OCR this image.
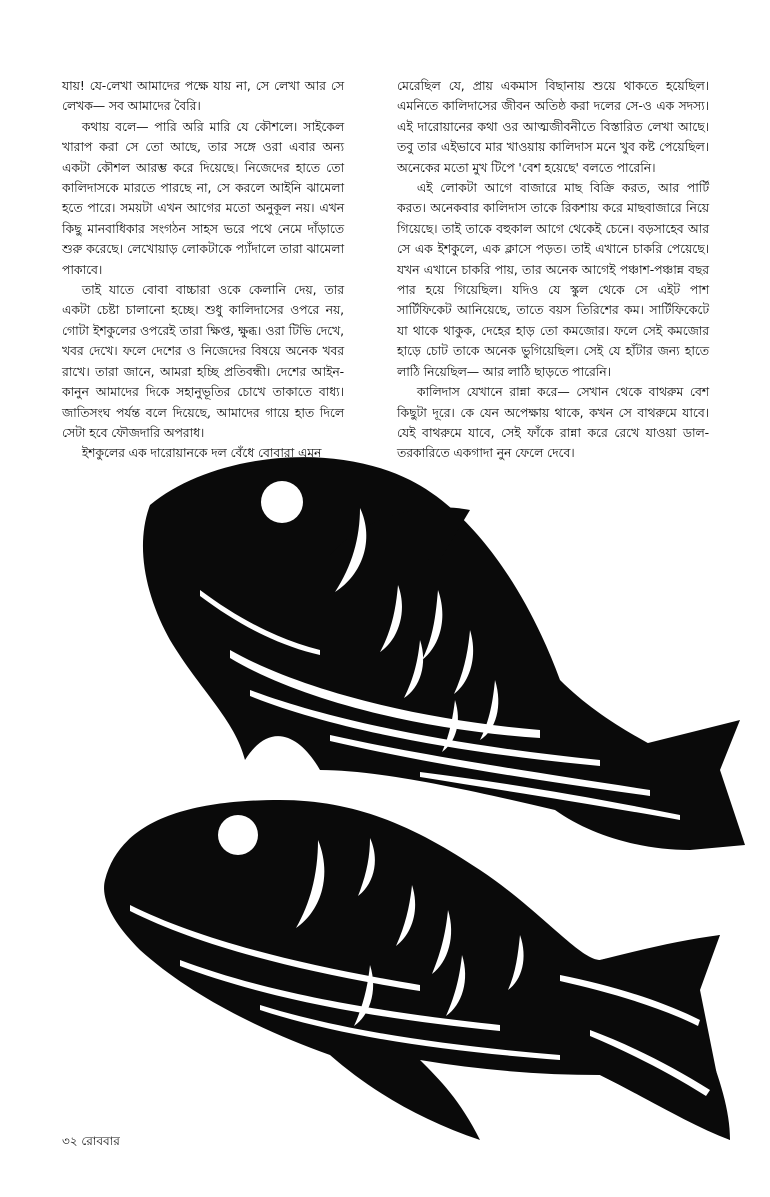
যায়! যে-লেখা আমাদের পক্ষে যায় না, সে লেখা আর সে লেখক— সব আমাদের বৈরি।

কথায় বলে— পারি অরি মারি যে কৌশলে। সাইকেল খারাপ করা সে তো আছে, তার সঙ্গে ওরা এবার অন্য একটা কৌশল আরম্ভ করে দিয়েছে। নিজেদের হাতে তো কালিদাসকে মারতে পারছে না, সে করলে আইনি ঝামেলা হতে পারে। সময়টা এখন আগের মতো অনুকূল নয়। এখন কিছু মানবাধিকার সংগঠন সাহস ভরে পথে নেমে দাঁড়াতে শুরু করেছে। লেখোয়াড় লোকটাকে প্যাঁদালে তারা ঝামেলা পাকাবে।

তাই যাতে বোবা বাচ্চারা ওকে কেলানি দেয়, তার একটা চেষ্টা চালানো হচ্ছে। শুধু কালিদাসের ওপরে নয়, গোটা ইশকুলের ওপরেই তারা ক্ষিপ্ত, ক্ষুব্ধ। ওরা টিভি দেখে, খবর দেখে। ফলে দেশের ও নিজেদের বিষয়ে অনেক খবর রাখে। তারা জানে, আমরা হচ্ছি প্রতিবন্ধী। দেশের আইন-কানুন আমাদের দিকে সহানুভূতির চোখে তাকাতে বাধ্য। জাতিসংঘ পর্যন্ত বলে দিয়েছে, আমাদের গায়ে হাত দিলে সেটা হবে ফৌজদারি অপরাধ।

ইশকুলের এক দারোয়ানকে দল বেঁধে বোবারা এমন

মেরেছিল যে, প্রায় একমাস বিছানায় শুয়ে থাকতে হয়েছিল। এমনিতে কালিদাসের জীবন অতিষ্ঠ করা দলের সে-ও এক সদস্য। এই দারোয়ানের কথা ওর আত্মজীবনীতে বিস্তারিত লেখা আছে। তবু তার এইভাবে মার খাওয়ায় কালিদাস মনে খুব কষ্ট পেয়েছিল। অনেকের মতো মুখ টিপে 'বেশ হয়েছে' বলতে পারেনি।

এই লোকটা আগে বাজারে মাছ বিক্রি করত, আর পার্টি করত। অনেকবার কালিদাস তাকে রিকশায় করে মাছবাজারে নিয়ে গিয়েছে। তাই তাকে বহুকাল আগে থেকেই চেনে। বড়সাহেব আর সে এক ইশকুলে, এক ক্লাসে পড়ত। তাই এখানে চাকরি পেয়েছে। যখন এখানে চাকরি পায়, তার অনেক আগেই পঞ্চাশ-পঞ্চান্ন বছর পার হয়ে গিয়েছিল। যদিও যে স্কুল থেকে সে এইট পাশ সার্টিফিকেট আনিয়েছে, তাতে বয়স তিরিশের কম। সার্টিফিকেটে যা থাকে থাকুক, দেহের হাড় তো কমজোর। ফলে সেই কমজোর হাড়ে চোট তাকে অনেক ভুগিয়েছিল। সেই যে হাঁটার জন্য হাতে লাঠি নিয়েছিল— আর লাঠি ছাড়তে পারেনি।

কালিদাস যেখানে রান্না করে— সেখান থেকে বাথরুম বেশ কিছুটা দূরে। কে যেন অপেক্ষায় থাকে, কখন সে বাথরুমে যাবে। যেই বাথরুমে যাবে, সেই ফাঁকে রান্না করে রেখে যাওয়া ডাল-তরকারিতে একগাদা নুন ফেলে দেবে।

৩২ রোববার
